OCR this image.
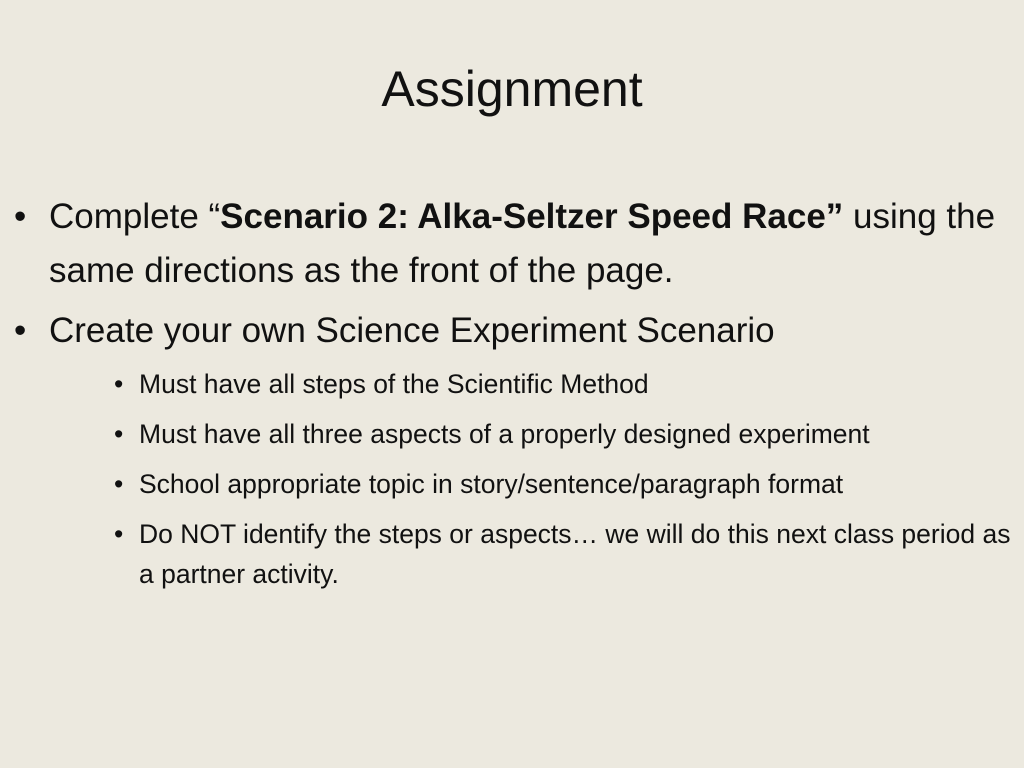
Assignment
• Complete “Scenario 2: Alka-Seltzer Speed Race” using the same directions as the front of the page.
• Create your own Science Experiment Scenario
• Must have all steps of the Scientific Method
• Must have all three aspects of a properly designed experiment
• School appropriate topic in story/sentence/paragraph format
• Do NOT identify the steps or aspects… we will do this next class period as a partner activity.
